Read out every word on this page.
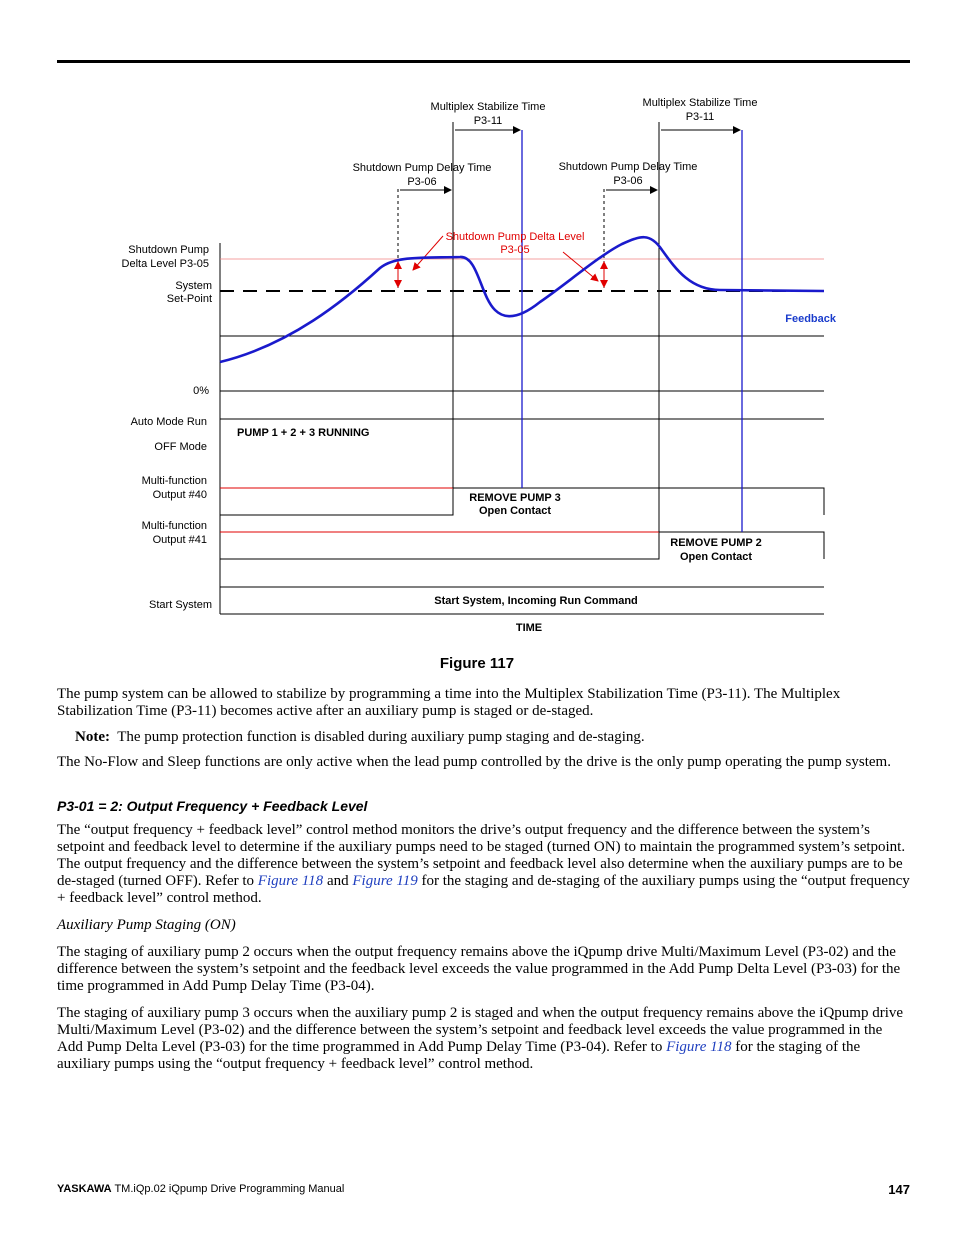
Multiplex Stabilize Time
P3-11
Multiplex Stabilize Time
P3-11
Shutdown Pump Delay Time
P3-06
Shutdown Pump Delay Time
P3-06
Shutdown Pump Delta Level
P3-05
Shutdown Pump
Delta Level P3-05
System
Set-Point
0%
Auto Mode Run
OFF Mode
Multi-function
Output #40
Multi-function
Output #41
Start System
Feedback
PUMP 1 + 2 + 3 RUNNING
REMOVE PUMP 3
Open Contact
REMOVE PUMP 2
Open Contact
Start System, Incoming Run Command
TIME
Figure 117
The pump system can be allowed to stabilize by programming a time into the Multiplex Stabilization Time (P3-11). The Multiplex Stabilization Time (P3-11) becomes active after an auxiliary pump is staged or de-staged.
Note: The pump protection function is disabled during auxiliary pump staging and de-staging.
The No-Flow and Sleep functions are only active when the lead pump controlled by the drive is the only pump operating the pump system.
P3-01 = 2: Output Frequency + Feedback Level
The “output frequency + feedback level” control method monitors the drive’s output frequency and the difference between the system’s setpoint and feedback level to determine if the auxiliary pumps need to be staged (turned ON) to maintain the programmed system’s setpoint. The output frequency and the difference between the system’s setpoint and feedback level also determine when the auxiliary pumps are to be de-staged (turned OFF). Refer to Figure 118 and Figure 119 for the staging and de-staging of the auxiliary pumps using the “output frequency + feedback level” control method.
Auxiliary Pump Staging (ON)
The staging of auxiliary pump 2 occurs when the output frequency remains above the iQpump drive Multi/Maximum Level (P3-02) and the difference between the system’s setpoint and the feedback level exceeds the value programmed in the Add Pump Delta Level (P3-03) for the time programmed in Add Pump Delay Time (P3-04).
The staging of auxiliary pump 3 occurs when the auxiliary pump 2 is staged and when the output frequency remains above the iQpump drive Multi/Maximum Level (P3-02) and the difference between the system’s setpoint and feedback level exceeds the value programmed in the Add Pump Delta Level (P3-03) for the time programmed in Add Pump Delay Time (P3-04). Refer to Figure 118 for the staging of the auxiliary pumps using the “output frequency + feedback level” control method.
YASKAWA TM.iQp.02 iQpump Drive Programming Manual	147
